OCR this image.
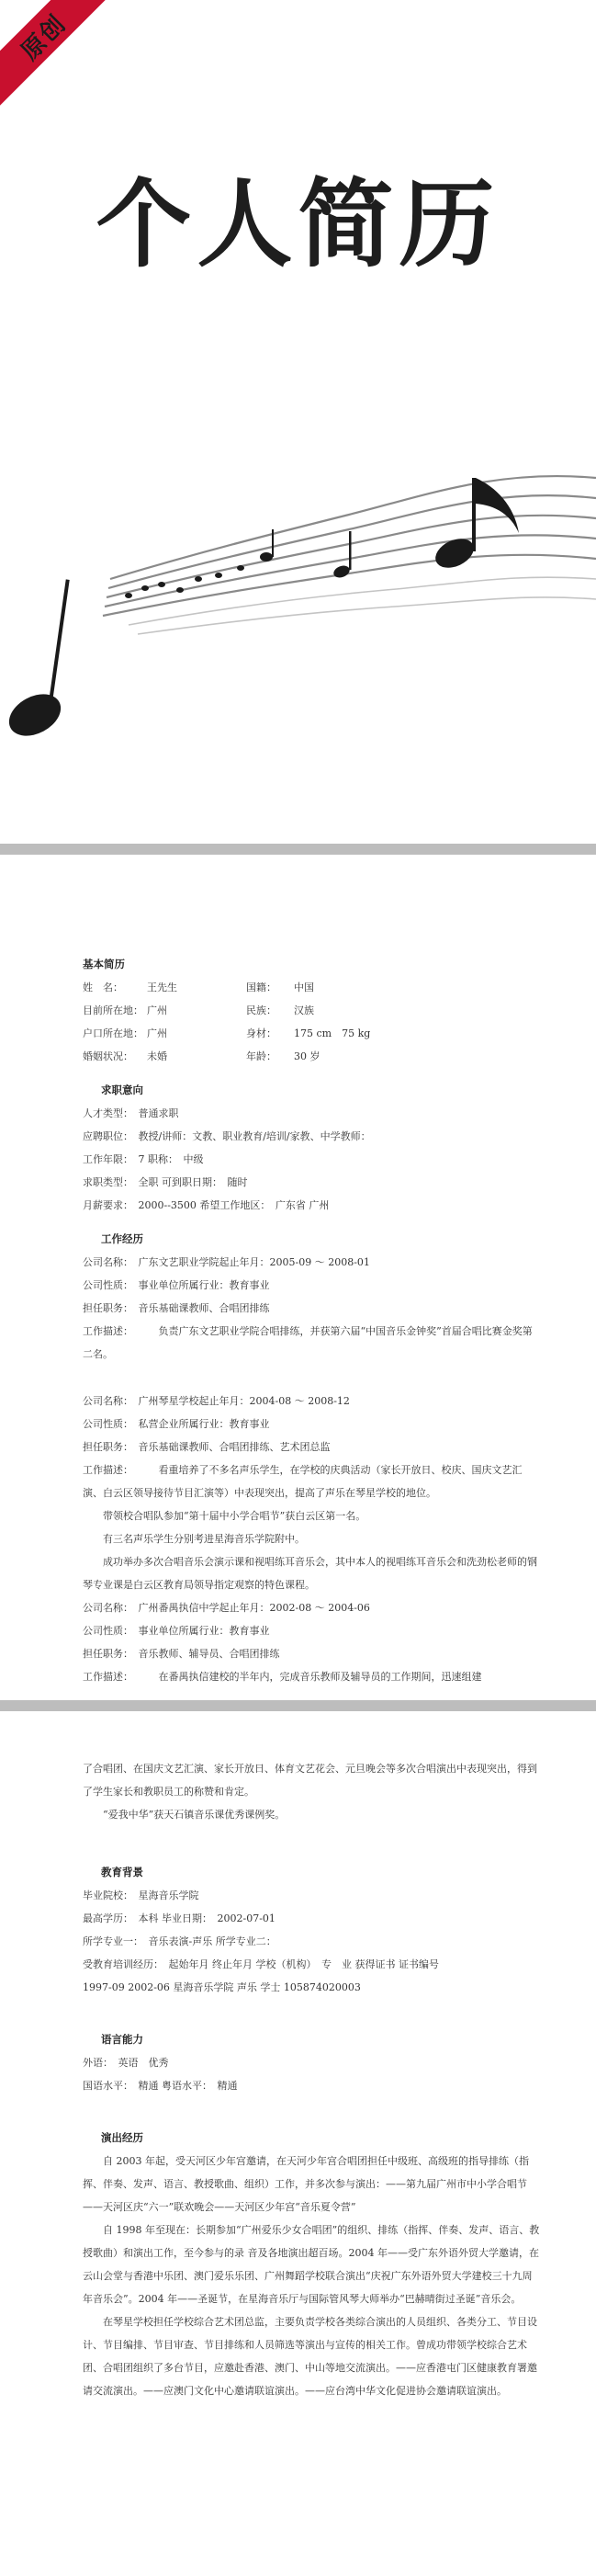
原创
个人简历
基本简历
姓　名： 王先生	国籍： 中国
目前所在地： 广州	民族： 汉族
户口所在地： 广州	身材： 175 cm　75 kg
婚姻状况： 未婚	年龄： 30 岁
求职意向
人才类型：　普通求职
应聘职位：　教授/讲师：文教、职业教育/培训/家教、中学教师：
工作年限：　7 职称：　中级
求职类型：　全职 可到职日期：　随时
月薪要求：　2000--3500 希望工作地区：　广东省 广州
工作经历
公司名称：　广东文艺职业学院起止年月：2005-09 ～ 2008-01
公司性质：　事业单位所属行业：教育事业
担任职务：　音乐基础课教师、合唱团排练
工作描述：　　　负责广东文艺职业学院合唱排练，并获第六届“中国音乐金钟奖”首届合唱比赛金奖第二名。
公司名称：　广州琴星学校起止年月：2004-08 ～ 2008-12
公司性质：　私营企业所属行业：教育事业
担任职务：　音乐基础课教师、合唱团排练、艺术团总监
工作描述：　　　看重培养了不多名声乐学生，在学校的庆典活动（家长开放日、校庆、国庆文艺汇演、白云区领导接待节目汇演等）中表现突出，提高了声乐在琴星学校的地位。
　　带领校合唱队参加“第十届中小学合唱节”获白云区第一名。
　　有三名声乐学生分别考进星海音乐学院附中。
　　成功举办多次合唱音乐会演示课和视唱练耳音乐会，其中本人的视唱练耳音乐会和洗劲松老师的钢琴专业课是白云区教育局领导指定观察的特色课程。
公司名称：　广州番禺执信中学起止年月：2002-08 ～ 2004-06
公司性质：　事业单位所属行业：教育事业
担任职务：　音乐教师、辅导员、合唱团排练
工作描述：　　　在番禺执信建校的半年内，完成音乐教师及辅导员的工作期间，迅速组建
了合唱团、在国庆文艺汇演、家长开放日、体育文艺花会、元旦晚会等多次合唱演出中表现突出，得到了学生家长和教职员工的称赞和肯定。
　　“爱我中华”获天石镇音乐课优秀课例奖。
教育背景
毕业院校：　星海音乐学院
最高学历：　本科 毕业日期：　2002-07-01
所学专业一：　音乐表演-声乐 所学专业二：
受教育培训经历：　起始年月 终止年月 学校（机构）　专　业 获得证书 证书编号
1997-09 2002-06 星海音乐学院 声乐 学士 105874020003
语言能力
外语：　英语　优秀
国语水平：　精通 粤语水平：　精通
演出经历
　　自 2003 年起，受天河区少年宫邀请，在天河少年宫合唱团担任中级班、高级班的指导排练（指挥、伴奏、发声、语言、教授歌曲、组织）工作，并多次参与演出：——第九届广州市中小学合唱节——天河区庆“六一”联欢晚会——天河区少年宫“音乐夏令营”
　　自 1998 年至现在：长期参加“广州爱乐少女合唱团”的组织、排练（指挥、伴奏、发声、语言、教授歌曲）和演出工作，至今参与的录 音及各地演出超百场。2004 年——受广东外语外贸大学邀请，在云山会堂与香港中乐团、澳门爱乐乐团、广州舞蹈学校联合演出“庆祝广东外语外贸大学建校三十九周年音乐会”。2004 年——圣诞节，在星海音乐厅与国际管风琴大师举办“巴赫晴街过圣诞”音乐会。
　　在琴星学校担任学校综合艺术团总监，主要负责学校各类综合演出的人员组织、各类分工、节目设计、节目编排、节目审查、节目排练和人员筛选等演出与宣传的相关工作。曾成功带领学校综合艺术团、合唱团组织了多台节目，应邀赴香港、澳门、中山等地交流演出。——应香港屯门区健康教育署邀请交流演出。——应澳门文化中心邀请联谊演出。——应台湾中华文化促进协会邀请联谊演出。
